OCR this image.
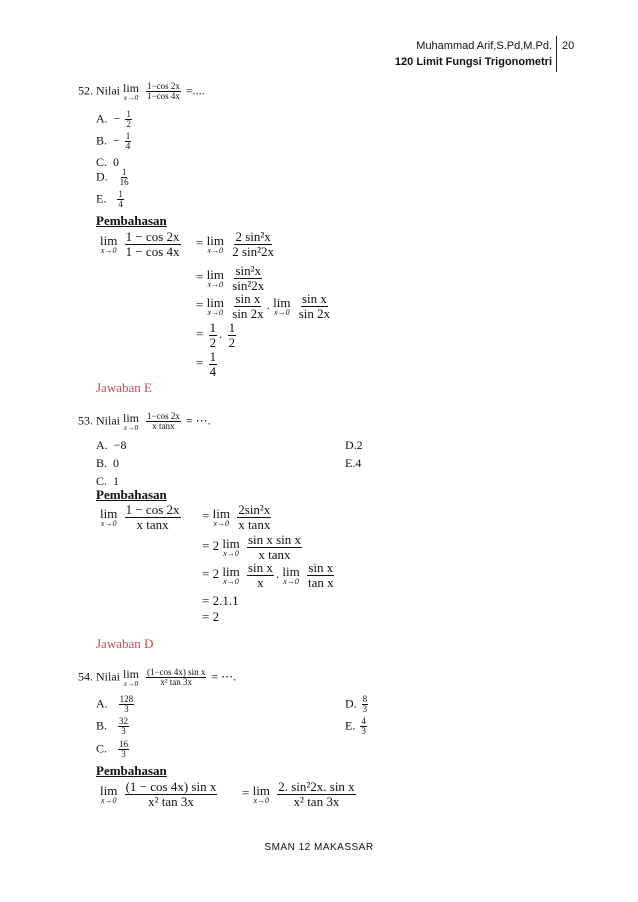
Muhammad Arif,S.Pd,M.Pd.
120 Limit Fungsi Trigonometri
20
52. Nilai lim
x→0
$\frac{1-\cos 2x}{1-\cos 4x}$ =....
A. − $\frac{1}{2}$
B. − $\frac{1}{4}$
C. 0
D. $\frac{1}{16}$
E. $\frac{1}{4}$
Pembahasan
lim
x→0
$\frac{1 - \cos 2x}{1 - \cos 4x} = \lim$
x→0
$\frac{\text{2 sin²x}}{\text{2 sin²2x}}$
= lim
x→0
$\frac{\text{sin²x}}{\text{sin²2x}}$
= lim
x→0
$\frac{\text{sin x}}{\sin 2x}$ . lim
x→0
$\frac{\text{sin x}}{\sin 2x}$
= $\frac{1}{2}$ . $\frac{1}{2}$
= $\frac{1}{4}$
Jawaban E
53. Nilai lim
x→0
$\frac{1-\cos 2x}{\text{x tanx}}$ = ⋯.
A. −8
B. 0
C. 1
D.2
E.4
Pembahasan
lim
x→0
$\frac{1 - \cos 2x}{\text{x tanx}} = \lim$
x→0
$\frac{\text{2sin²x}}{\text{x tanx}}$
= 2 lim
x→0
$\frac{\text{sin x sin x}}{\text{x tanx}}$
= 2 lim
x→0
$\frac{\text{sin x}}{x}$ . lim
x→0
$\frac{\text{sin x}}{\text{tan x}}$
= 2.1.1
= 2
Jawaban D
54. Nilai lim
x→0
$\frac{\text{(1−cos 4x) sin x}}{\text{x² tan 3x}}$ = ⋯.
A. $\frac{128}{3}$
B. $\frac{32}{3}$
C. $\frac{16}{3}$
D. $\frac{8}{3}$
E. $\frac{4}{3}$
Pembahasan
lim
x→0
$\frac{\text{(1 − cos 4x) sin x}}{\text{x² tan 3x}} = \lim$
x→0
$\frac{\text{2. sin²2x. sin x}}{\text{x² tan 3x}}$
SMAN 12 MAKASSAR
